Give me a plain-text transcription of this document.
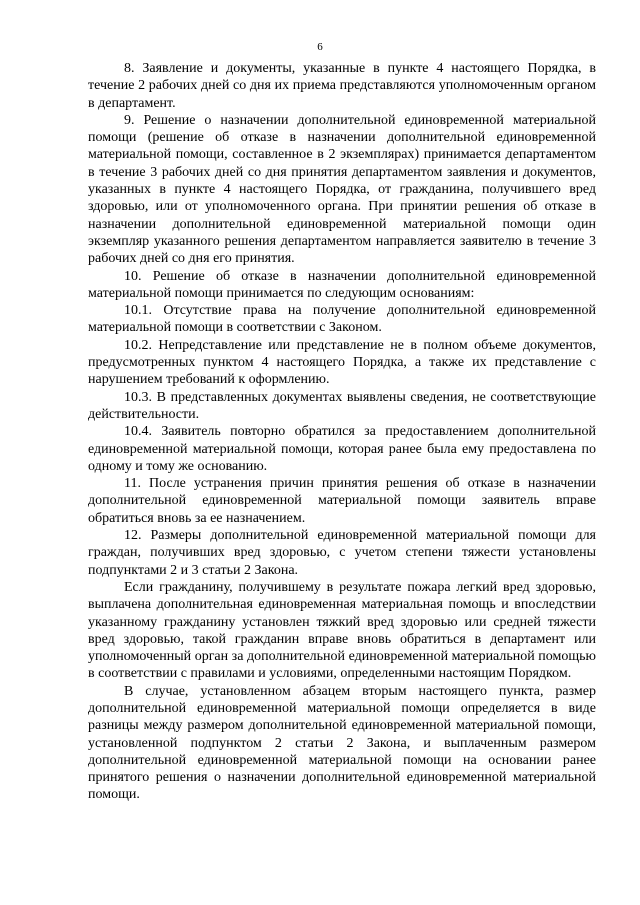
6

8. Заявление и документы, указанные в пункте 4 настоящего Порядка, в течение 2 рабочих дней со дня их приема представляются уполномоченным органом в департамент.

9. Решение о назначении дополнительной единовременной материальной помощи (решение об отказе в назначении дополнительной единовременной материальной помощи, составленное в 2 экземплярах) принимается департаментом в течение 3 рабочих дней со дня принятия департаментом заявления и документов, указанных в пункте 4 настоящего Порядка, от гражданина, получившего вред здоровью, или от уполномоченного органа. При принятии решения об отказе в назначении дополнительной единовременной материальной помощи один экземпляр указанного решения департаментом направляется заявителю в течение 3 рабочих дней со дня его принятия.

10. Решение об отказе в назначении дополнительной единовременной материальной помощи принимается по следующим основаниям:

10.1. Отсутствие права на получение дополнительной единовременной материальной помощи в соответствии с Законом.

10.2. Непредставление или представление не в полном объеме документов, предусмотренных пунктом 4 настоящего Порядка, а также их представление с нарушением требований к оформлению.

10.3. В представленных документах выявлены сведения, не соответствующие действительности.

10.4. Заявитель повторно обратился за предоставлением дополнительной единовременной материальной помощи, которая ранее была ему предоставлена по одному и тому же основанию.

11. После устранения причин принятия решения об отказе в назначении дополнительной единовременной материальной помощи заявитель вправе обратиться вновь за ее назначением.

12. Размеры дополнительной единовременной материальной помощи для граждан, получивших вред здоровью, с учетом степени тяжести установлены подпунктами 2 и 3 статьи 2 Закона.

Если гражданину, получившему в результате пожара легкий вред здоровью, выплачена дополнительная единовременная материальная помощь и впоследствии указанному гражданину установлен тяжкий вред здоровью или средней тяжести вред здоровью, такой гражданин вправе вновь обратиться в департамент или уполномоченный орган за дополнительной единовременной материальной помощью в соответствии с правилами и условиями, определенными настоящим Порядком.

В случае, установленном абзацем вторым настоящего пункта, размер дополнительной единовременной материальной помощи определяется в виде разницы между размером дополнительной единовременной материальной помощи, установленной подпунктом 2 статьи 2 Закона, и выплаченным размером дополнительной единовременной материальной помощи на основании ранее принятого решения о назначении дополнительной единовременной материальной помощи.
